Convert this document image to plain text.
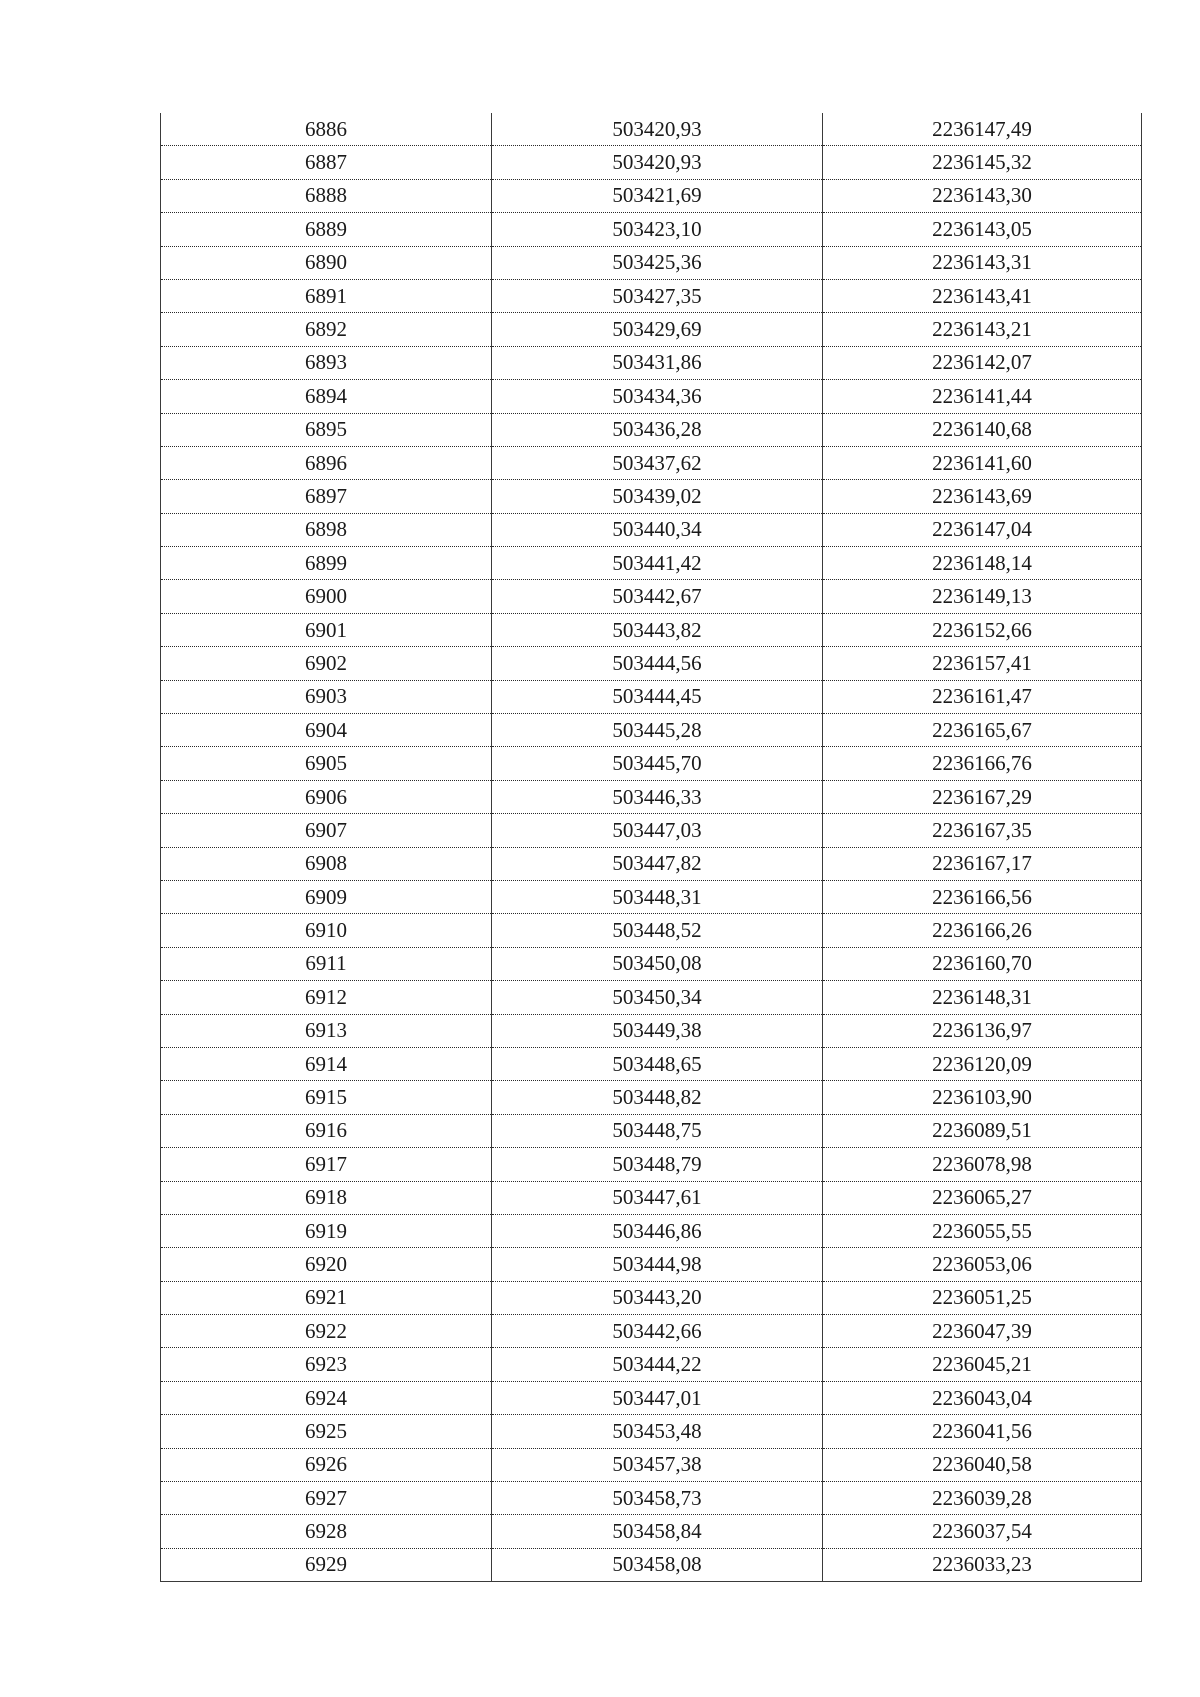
6886	503420,93	2236147,49
6887	503420,93	2236145,32
6888	503421,69	2236143,30
6889	503423,10	2236143,05
6890	503425,36	2236143,31
6891	503427,35	2236143,41
6892	503429,69	2236143,21
6893	503431,86	2236142,07
6894	503434,36	2236141,44
6895	503436,28	2236140,68
6896	503437,62	2236141,60
6897	503439,02	2236143,69
6898	503440,34	2236147,04
6899	503441,42	2236148,14
6900	503442,67	2236149,13
6901	503443,82	2236152,66
6902	503444,56	2236157,41
6903	503444,45	2236161,47
6904	503445,28	2236165,67
6905	503445,70	2236166,76
6906	503446,33	2236167,29
6907	503447,03	2236167,35
6908	503447,82	2236167,17
6909	503448,31	2236166,56
6910	503448,52	2236166,26
6911	503450,08	2236160,70
6912	503450,34	2236148,31
6913	503449,38	2236136,97
6914	503448,65	2236120,09
6915	503448,82	2236103,90
6916	503448,75	2236089,51
6917	503448,79	2236078,98
6918	503447,61	2236065,27
6919	503446,86	2236055,55
6920	503444,98	2236053,06
6921	503443,20	2236051,25
6922	503442,66	2236047,39
6923	503444,22	2236045,21
6924	503447,01	2236043,04
6925	503453,48	2236041,56
6926	503457,38	2236040,58
6927	503458,73	2236039,28
6928	503458,84	2236037,54
6929	503458,08	2236033,23
